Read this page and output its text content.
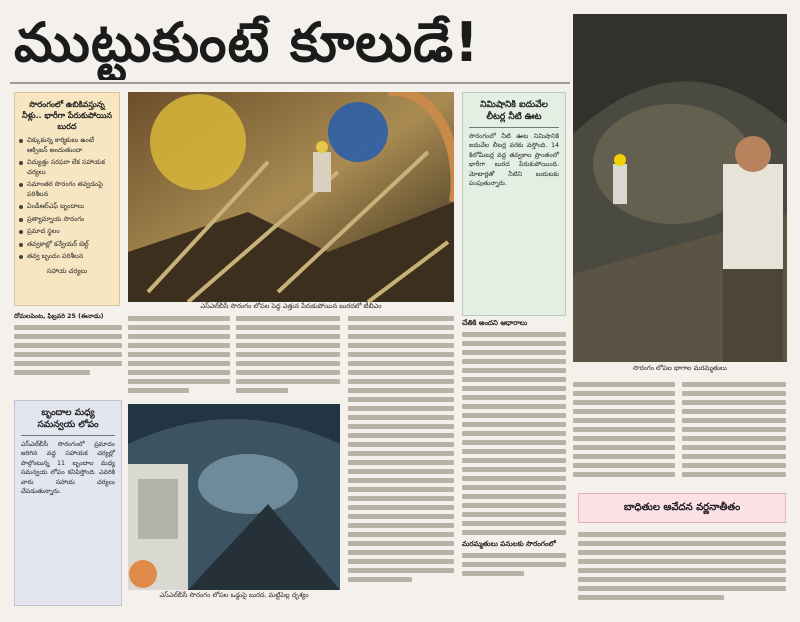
ముట్టుకుంటే కూలుడే!
సొరంగంలో ఉబికివస్తున్న నీళ్లు.. భారీగా పేరుకుపోయిన బురద
చిక్కుకున్న కార్మికులు ఉంటే ఆక్సిజన్ అందుతుందా
విద్యుత్తు సరఫరా లేక సహాయక చర్యలు
సమాంతర సొరంగం తవ్వడంపై పరిశీలన
ఏండీఆర్‌ఎఫ్ బృందాలు
ప్రత్యామ్నాయ సొరంగం
ప్రమాద స్థలం
తవ్వకాల్లో కన్వేయర్ బెల్ట్
తవ్వ బృందం పరిశీలన
సహాయ చర్యలు
ఎస్‌ఎల్‌బీసీ సొరంగం లోపల పెద్ద ఎత్తున పేరుకుపోయిన బురదలో టీబీఎం
నిమిషానికి ఐదువేల లీటర్ల నీటి ఊట
సొరంగంలో నీటి ఊట నిమిషానికి ఐదువేల లీటర్ల వరకు వస్తోంది. 14 కిలోమీటర్ల వద్ద తవ్వకాల ప్రాంతంలో భారీగా బురద పేరుకుపోయింది. మోటార్లతో నీటిని బయటకు పంపుతున్నారు.
సొరంగం లోపల భాగాల మరమ్మతులు
దోమలపెంట, ఫిబ్రవరి 25 (ఈనాడు)
బృందాల మధ్య సమన్వయ లోపం
ఎస్‌ఎల్‌బీసీ సొరంగంలో ప్రమాదం జరిగిన వద్ద సహాయక చర్యల్లో పాల్గొంటున్న 11 బృందాల మధ్య సమన్వయ లోపం కనిపిస్తోంది. ఎవరికి వారు సహాయ చర్యలు చేపడుతున్నారు.
ఎస్‌ఎల్‌బీసీ సొరంగం లోపల ఒడ్డుపై బురద, మట్టిపెల్ల దృశ్యం
చేతికి అందని ఆధారాలు
మరమ్మతులు పనులకు సొరంగంలో
బాధితుల ఆవేదన వర్ణనాతీతం
